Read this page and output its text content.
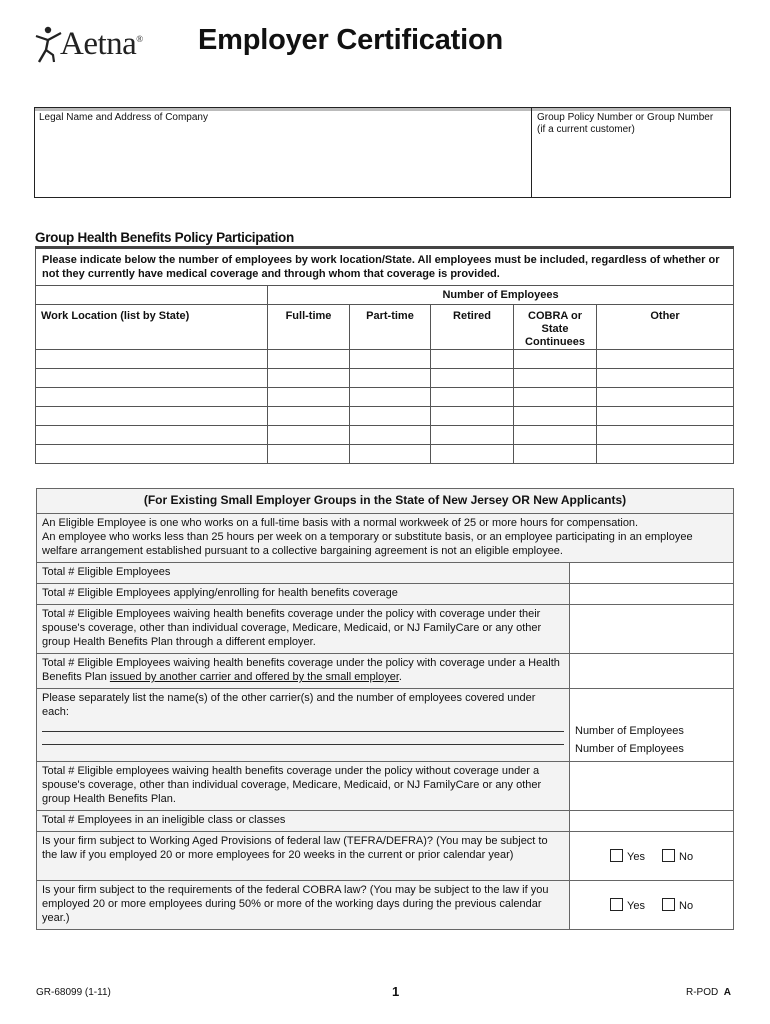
Aetna® Employer Certification
Legal Name and Address of Company	Group Policy Number or Group Number
(if a current customer)
Group Health Benefits Policy Participation
Please indicate below the number of employees by work location/State. All employees must be included, regardless of whether or not they currently have medical coverage and through whom that coverage is provided.					
	Number of Employees				
Work Location (list by State)	Full-time	Part-time	Retired	COBRA or State Continuees	Other

(For Existing Small Employer Groups in the State of New Jersey OR New Applicants)	
An Eligible Employee is one who works on a full-time basis with a normal workweek of 25 or more hours for compensation.
An employee who works less than 25 hours per week on a temporary or substitute basis, or an employee participating in an employee welfare arrangement established pursuant to a collective bargaining agreement is not an eligible employee.	
Total # Eligible Employees	
Total # Eligible Employees applying/enrolling for health benefits coverage	
Total # Eligible Employees waiving health benefits coverage under the policy with coverage under their spouse's coverage, other than individual coverage, Medicare, Medicaid, or NJ FamilyCare or any other group Health Benefits Plan through a different employer.	
Total # Eligible Employees waiving health benefits coverage under the policy with coverage under a Health Benefits Plan issued by another carrier and offered by the small employer.	
Please separately list the name(s) of the other carrier(s) and the number of employees covered under each:	Number of Employees
Number of Employees
Total # Eligible employees waiving health benefits coverage under the policy without coverage under a spouse's coverage, other than individual coverage, Medicare, Medicaid, or NJ FamilyCare or any other group Health Benefits Plan.	
Total # Employees in an ineligible class or classes	
Is your firm subject to Working Aged Provisions of federal law (TEFRA/DEFRA)? (You may be subject to the law if you employed 20 or more employees for 20 weeks in the current or prior calendar year)	Yes No
Is your firm subject to the requirements of the federal COBRA law? (You may be subject to the law if you employed 20 or more employees during 50% or more of the working days during the previous calendar year.)	Yes No
GR-68099 (1-11)	1	R-POD A
